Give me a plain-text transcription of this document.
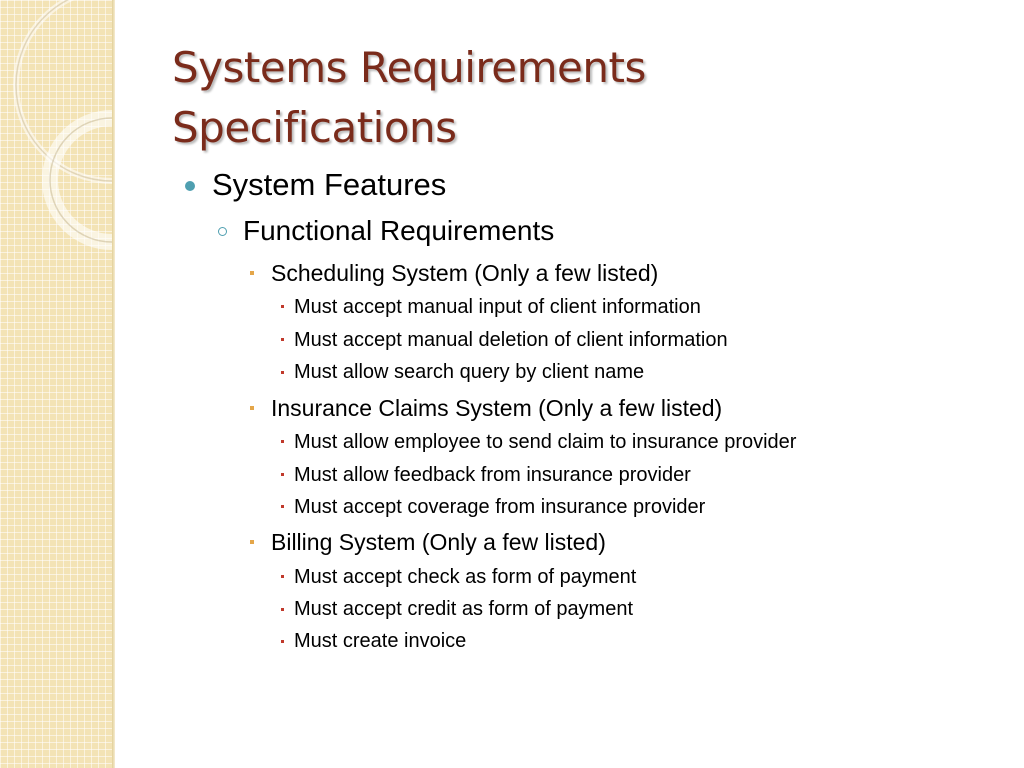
Systems Requirements
Specifications

System Features

Functional Requirements

Scheduling System (Only a few listed)

Must accept manual input of client information

Must accept manual deletion of client information

Must allow search query by client name

Insurance Claims System (Only a few listed)

Must allow employee to send claim to insurance provider

Must allow feedback from insurance provider

Must accept coverage from insurance provider

Billing System (Only a few listed)

Must accept check as form of payment

Must accept credit as form of payment

Must create invoice
